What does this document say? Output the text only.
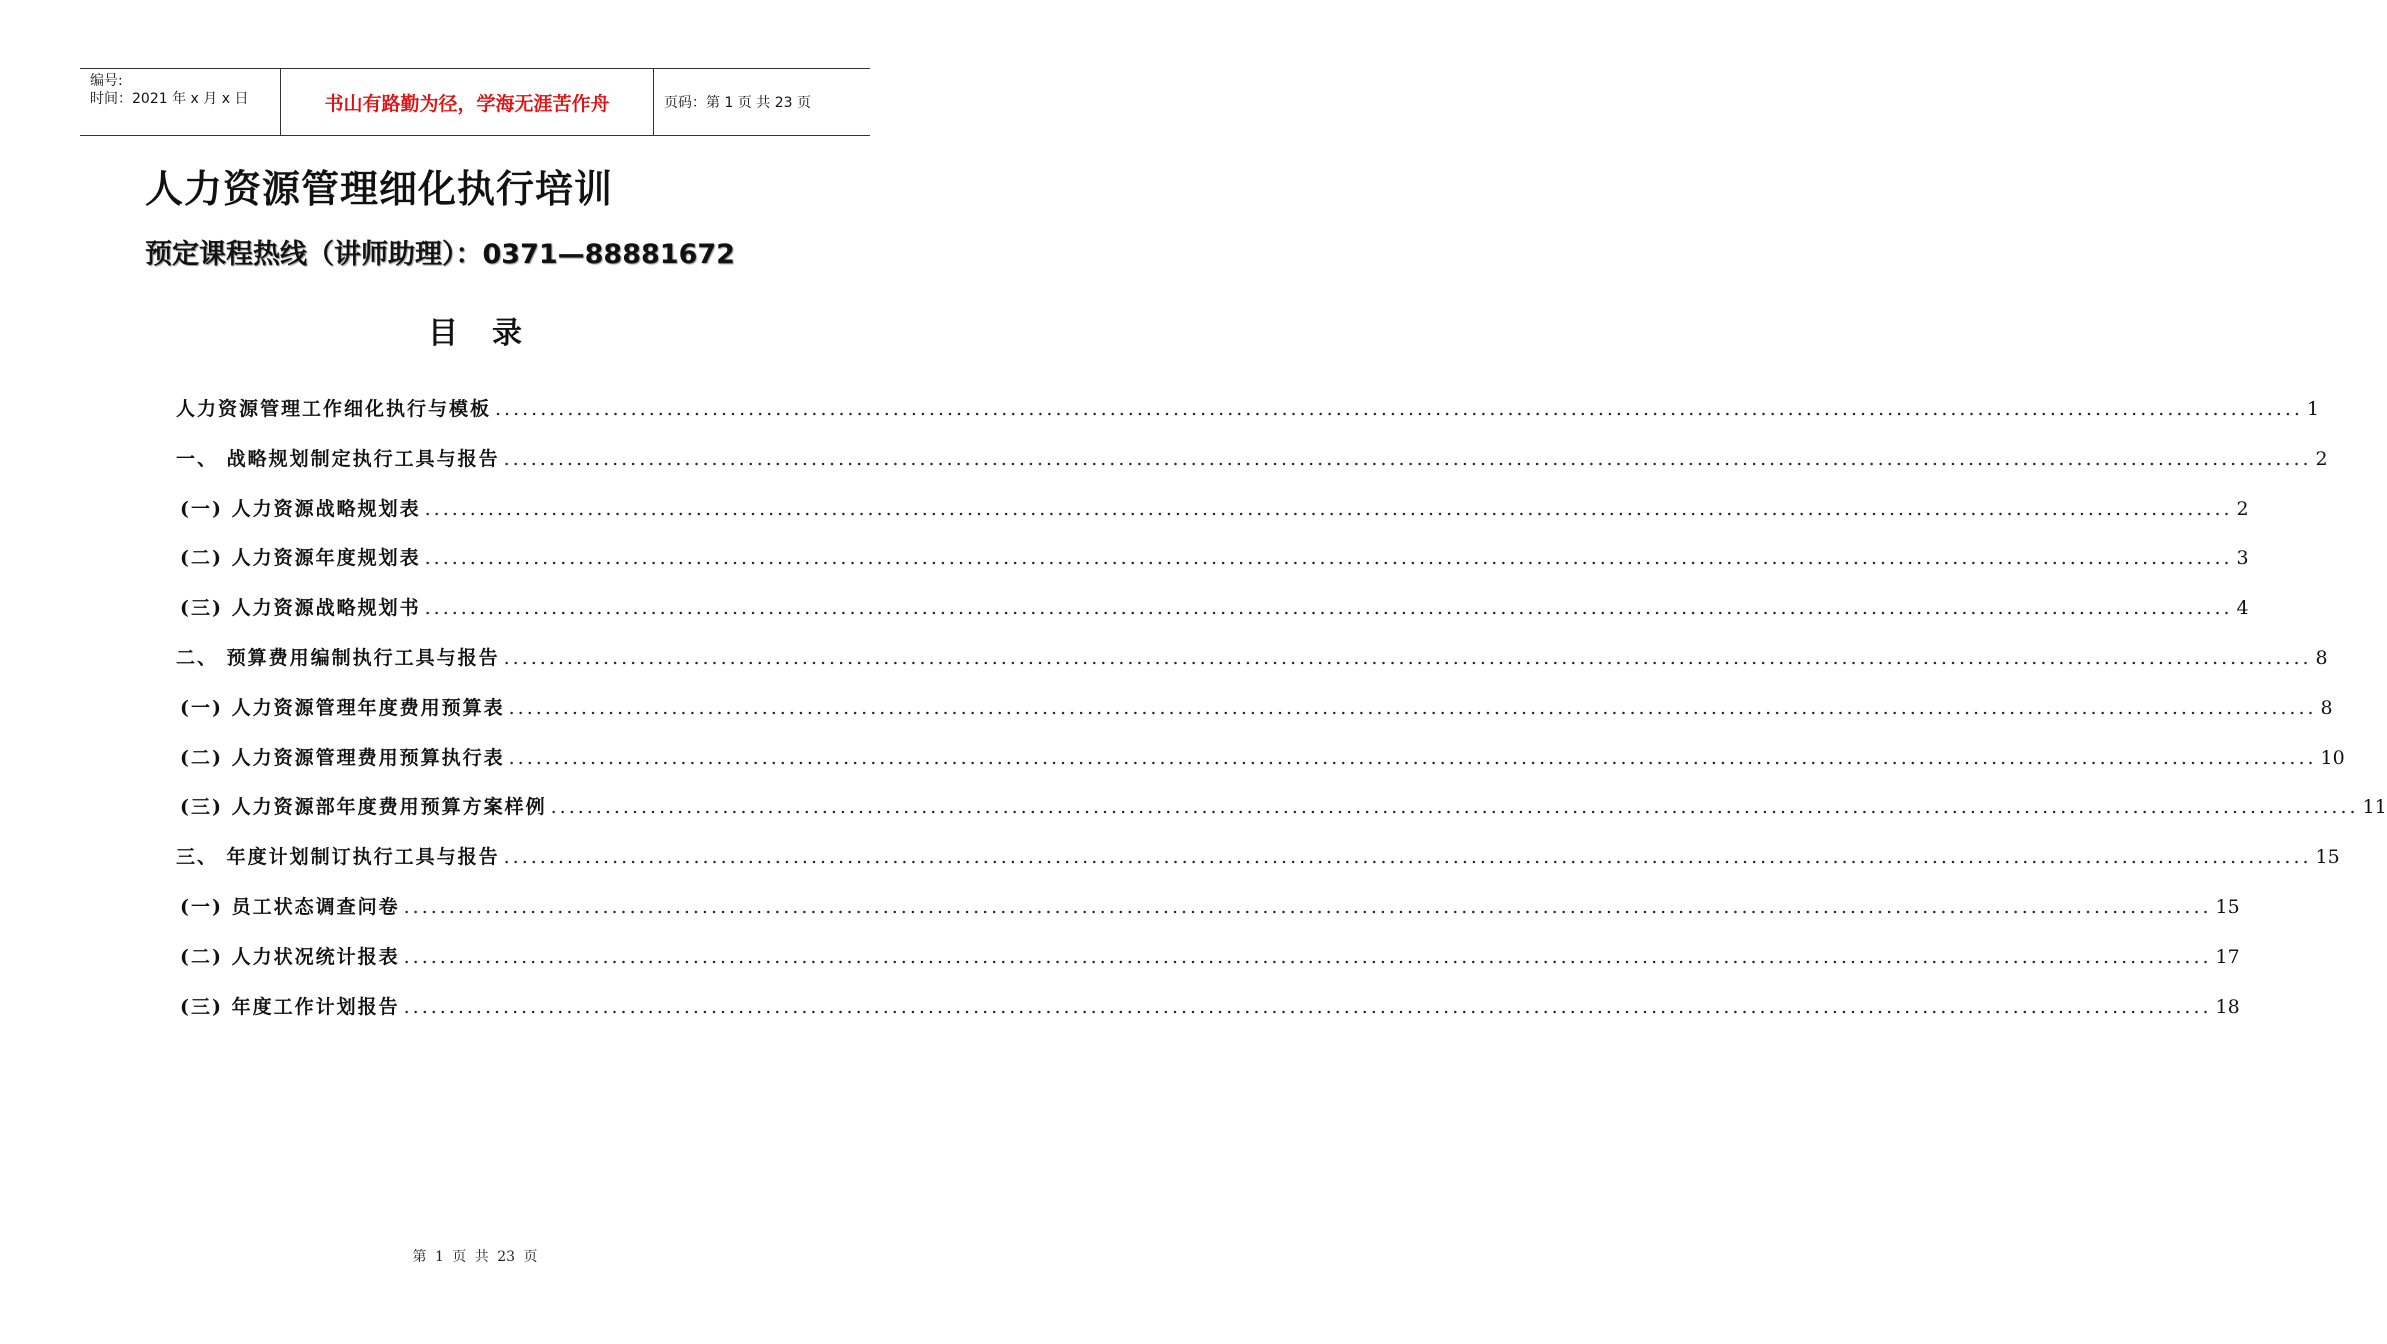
编号:
时间：2021 年 x 月 x 日	书山有路勤为径，学海无涯苦作舟	页码：第 1 页 共 23 页
人力资源管理细化执行培训
预定课程热线（讲师助理）：0371—88881672
目录
人力资源管理工作细化执行与模板 ........................................................................................................................................................................................................ 1
一、 战略规划制定执行工具与报告 ........................................................................................................................................................................................................ 2
(一) 人力资源战略规划表 ........................................................................................................................................................................................................ 2
(二) 人力资源年度规划表 ........................................................................................................................................................................................................ 3
(三) 人力资源战略规划书 ........................................................................................................................................................................................................ 4
二、 预算费用编制执行工具与报告 ........................................................................................................................................................................................................ 8
(一) 人力资源管理年度费用预算表 ........................................................................................................................................................................................................ 8
(二) 人力资源管理费用预算执行表 ........................................................................................................................................................................................................ 10
(三) 人力资源部年度费用预算方案样例 ........................................................................................................................................................................................................ 11
三、 年度计划制订执行工具与报告 ........................................................................................................................................................................................................ 15
(一) 员工状态调查问卷 ........................................................................................................................................................................................................ 15
(二) 人力状况统计报表 ........................................................................................................................................................................................................ 17
(三) 年度工作计划报告 ........................................................................................................................................................................................................ 18
第 1 页 共 23 页
